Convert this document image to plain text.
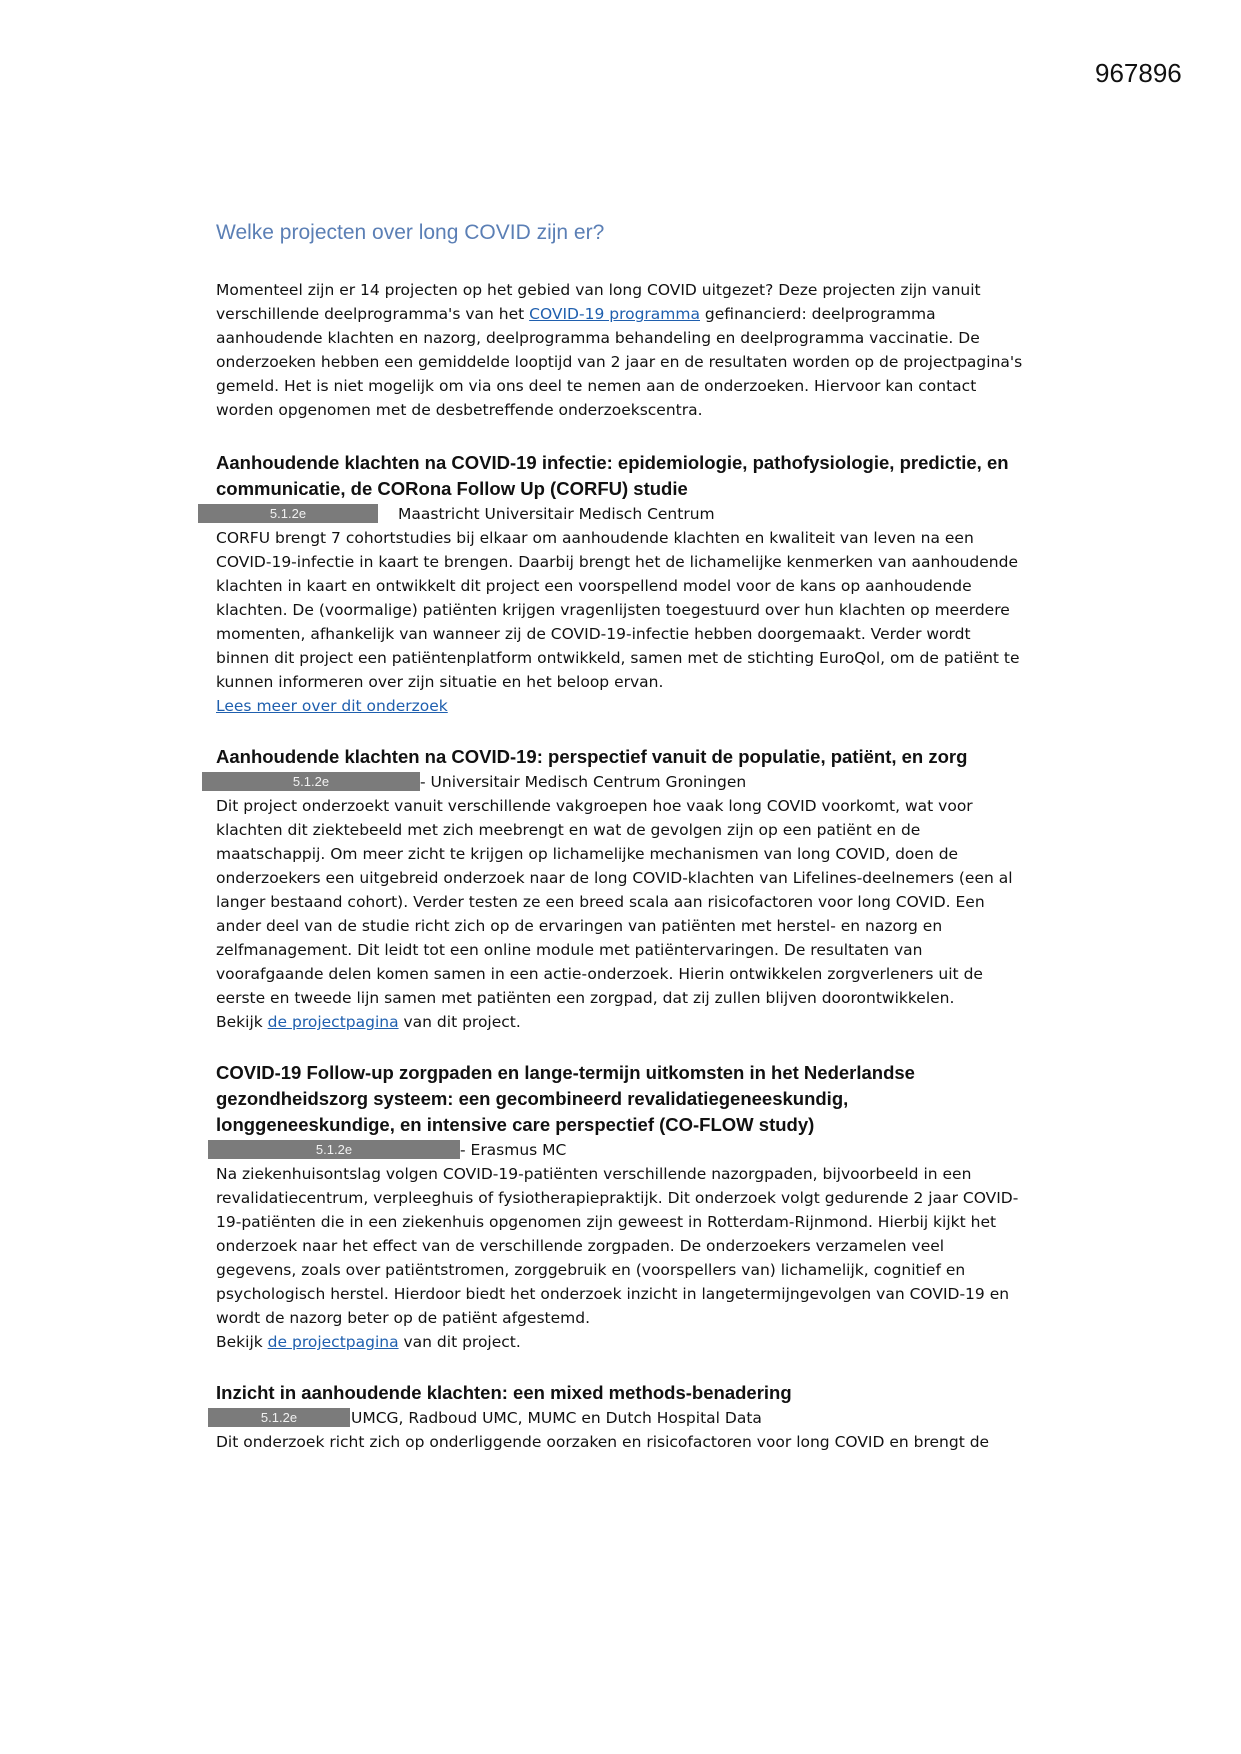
967896
Welke projecten over long COVID zijn er?

Momenteel zijn er 14 projecten op het gebied van long COVID uitgezet? Deze projecten zijn vanuit verschillende deelprogramma's van het COVID-19 programma gefinancierd: deelprogramma aanhoudende klachten en nazorg, deelprogramma behandeling en deelprogramma vaccinatie. De onderzoeken hebben een gemiddelde looptijd van 2 jaar en de resultaten worden op de projectpagina's gemeld. Het is niet mogelijk om via ons deel te nemen aan de onderzoeken. Hiervoor kan contact worden opgenomen met de desbetreffende onderzoekscentra.

Aanhoudende klachten na COVID-19 infectie: epidemiologie, pathofysiologie, predictie, en communicatie, de CORona Follow Up (CORFU) studie
5.1.2e	Maastricht Universitair Medisch Centrum

CORFU brengt 7 cohortstudies bij elkaar om aanhoudende klachten en kwaliteit van leven na een COVID-19-infectie in kaart te brengen. Daarbij brengt het de lichamelijke kenmerken van aanhoudende klachten in kaart en ontwikkelt dit project een voorspellend model voor de kans op aanhoudende klachten. De (voormalige) patiënten krijgen vragenlijsten toegestuurd over hun klachten op meerdere momenten, afhankelijk van wanneer zij de COVID-19-infectie hebben doorgemaakt. Verder wordt binnen dit project een patiëntenplatform ontwikkeld, samen met de stichting EuroQol, om de patiënt te kunnen informeren over zijn situatie en het beloop ervan.

Lees meer over dit onderzoek

Aanhoudende klachten na COVID-19: perspectief vanuit de populatie, patiënt, en zorg
5.1.2e	- Universitair Medisch Centrum Groningen

Dit project onderzoekt vanuit verschillende vakgroepen hoe vaak long COVID voorkomt, wat voor klachten dit ziektebeeld met zich meebrengt en wat de gevolgen zijn op een patiënt en de maatschappij. Om meer zicht te krijgen op lichamelijke mechanismen van long COVID, doen de onderzoekers een uitgebreid onderzoek naar de long COVID-klachten van Lifelines-deelnemers (een al langer bestaand cohort). Verder testen ze een breed scala aan risicofactoren voor long COVID. Een ander deel van de studie richt zich op de ervaringen van patiënten met herstel- en nazorg en zelfmanagement. Dit leidt tot een online module met patiëntervaringen. De resultaten van voorafgaande delen komen samen in een actie-onderzoek. Hierin ontwikkelen zorgverleners uit de eerste en tweede lijn samen met patiënten een zorgpad, dat zij zullen blijven doorontwikkelen.

Bekijk de projectpagina van dit project.

COVID-19 Follow-up zorgpaden en lange-termijn uitkomsten in het Nederlandse gezondheidszorg systeem: een gecombineerd revalidatiegeneeskundig, longgeneeskundige, en intensive care perspectief (CO-FLOW study)
5.1.2e	- Erasmus MC

Na ziekenhuisontslag volgen COVID-19-patiënten verschillende nazorgpaden, bijvoorbeeld in een revalidatiecentrum, verpleeghuis of fysiotherapiepraktijk. Dit onderzoek volgt gedurende 2 jaar COVID-19-patiënten die in een ziekenhuis opgenomen zijn geweest in Rotterdam-Rijnmond. Hierbij kijkt het onderzoek naar het effect van de verschillende zorgpaden. De onderzoekers verzamelen veel gegevens, zoals over patiëntstromen, zorggebruik en (voorspellers van) lichamelijk, cognitief en psychologisch herstel. Hierdoor biedt het onderzoek inzicht in langetermijngevolgen van COVID-19 en wordt de nazorg beter op de patiënt afgestemd.

Bekijk de projectpagina van dit project.

Inzicht in aanhoudende klachten: een mixed methods-benadering
5.1.2e	UMCG, Radboud UMC, MUMC en Dutch Hospital Data

Dit onderzoek richt zich op onderliggende oorzaken en risicofactoren voor long COVID en brengt de
